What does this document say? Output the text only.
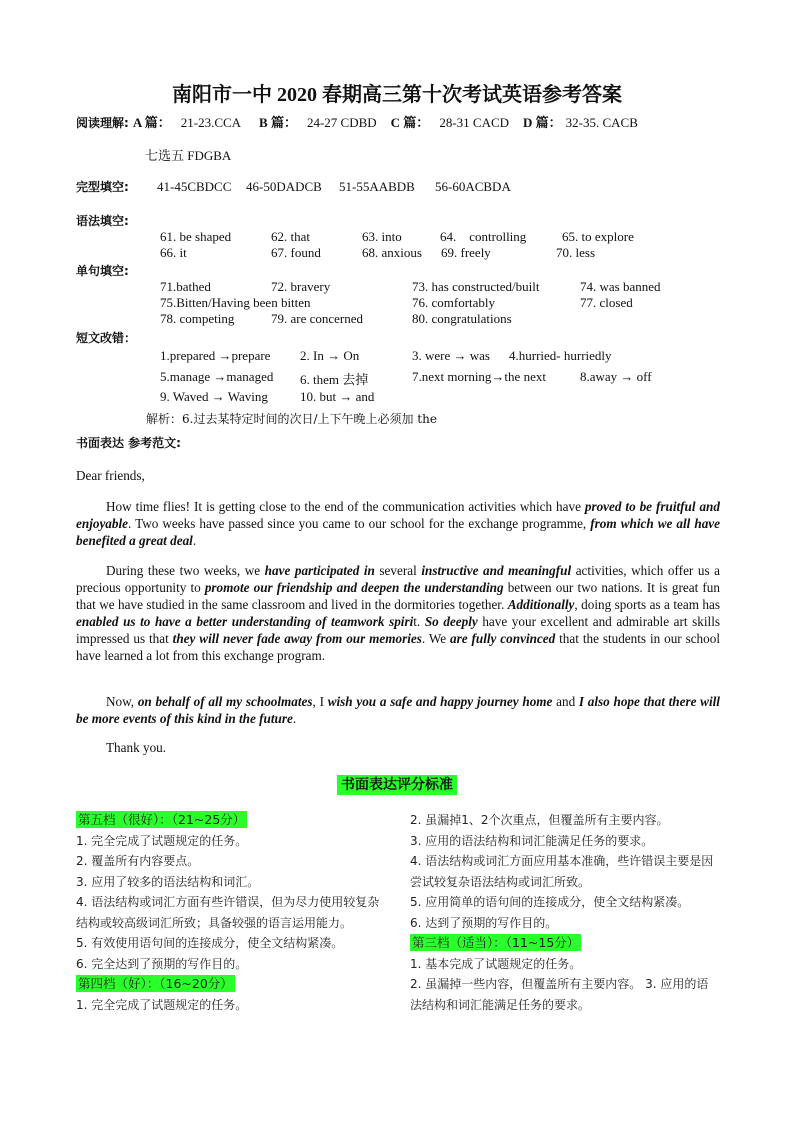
南阳市一中 2020 春期高三第十次考试英语参考答案
阅读理解: A 篇： 21-23.CCA B 篇： 24-27 CDBD C 篇： 28-31 CACD D 篇： 32-35. CACB
七选五 FDGBA
完型填空: 41-45CBDCC 46-50DADCB 51-55AABDB 56-60ACBDA
语法填空:
61. be shaped	62. that	63. into	64.    controlling	65. to explore
66. it	67. found	68. anxious 69. freely	70. less
单句填空:
71.bathed	72. bravery	73. has constructed/built	74. was banned
75.Bitten/Having been bitten	76. comfortably	77. closed
78. competing	79. are concerned	80. congratulations
短文改错：
1.prepared →prepare 2. In → On	3. were → was 4.hurried- hurriedly
5.manage →managed 6. them 去掉	7.next morning→the next	8.away → off
9. Waved → Waving 10. but → and
解析：6.过去某特定时间的次日/上下午晚上必须加 the
书面表达 参考范文:
Dear friends,

How time flies! It is getting close to the end of the communication activities which have proved to be fruitful and enjoyable. Two weeks have passed since you came to our school for the exchange programme, from which we all have benefited a great deal.

During these two weeks, we have participated in several instructive and meaningful activities, which offer us a precious opportunity to promote our friendship and deepen the understanding between our two nations. It is great fun that we have studied in the same classroom and lived in the dormitories together. Additionally, doing sports as a team has enabled us to have a better understanding of teamwork spirit. So deeply have your excellent and admirable art skills impressed us that they will never fade away from our memories. We are fully convinced that the students in our school have learned a lot from this exchange program.

Now, on behalf of all my schoolmates, I wish you a safe and happy journey home and I also hope that there will be more events of this kind in the future.

Thank you.
书面表达评分标准
第五档（很好）：（21~25分）
1. 完全完成了试题规定的任务。
2. 覆盖所有内容要点。
3. 应用了较多的语法结构和词汇。
4. 语法结构或词汇方面有些许错误，但为尽力使用较复杂结构或较高级词汇所致；具备较强的语言运用能力。
5. 有效使用语句间的连接成分，使全文结构紧凑。
6. 完全达到了预期的写作目的。
第四档（好）：（16~20分）
1. 完全完成了试题规定的任务。
2. 虽漏掉1、2个次重点，但覆盖所有主要内容。
3. 应用的语法结构和词汇能满足任务的要求。
4. 语法结构或词汇方面应用基本准确，些许错误主要是因尝试较复杂语法结构或词汇所致。
5. 应用简单的语句间的连接成分，使全文结构紧凑。
6. 达到了预期的写作目的。
第三档（适当）：（11~15分）
1. 基本完成了试题规定的任务。
2. 虽漏掉一些内容，但覆盖所有主要内容。 3. 应用的语法结构和词汇能满足任务的要求。
